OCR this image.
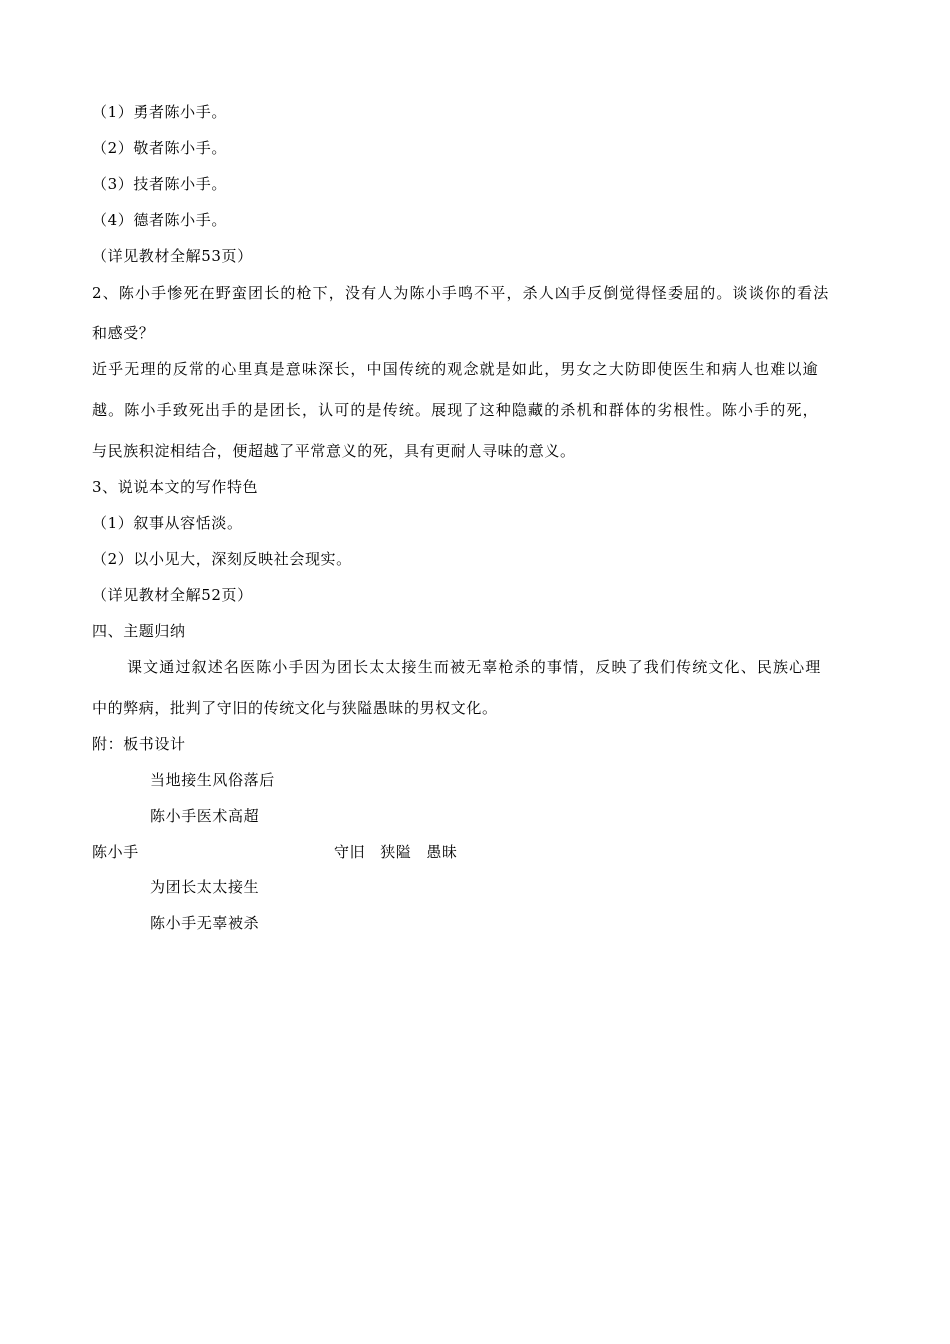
（1）勇者陈小手。
（2）敬者陈小手。
（3）技者陈小手。
（4）德者陈小手。
（详见教材全解53页）
2、陈小手惨死在野蛮团长的枪下，没有人为陈小手鸣不平，杀人凶手反倒觉得怪委屈的。谈谈你的看法
和感受？
近乎无理的反常的心里真是意味深长，中国传统的观念就是如此，男女之大防即使医生和病人也难以逾
越。陈小手致死出手的是团长，认可的是传统。展现了这种隐藏的杀机和群体的劣根性。陈小手的死，
与民族积淀相结合，便超越了平常意义的死，具有更耐人寻味的意义。
3、说说本文的写作特色
（1）叙事从容恬淡。
（2）以小见大，深刻反映社会现实。
（详见教材全解52页）
四、主题归纳
课文通过叙述名医陈小手因为团长太太接生而被无辜枪杀的事情，反映了我们传统文化、民族心理
中的弊病，批判了守旧的传统文化与狭隘愚昧的男权文化。
附：板书设计
当地接生风俗落后
陈小手医术高超
陈小手	守旧 狭隘 愚昧
为团长太太接生
陈小手无辜被杀
